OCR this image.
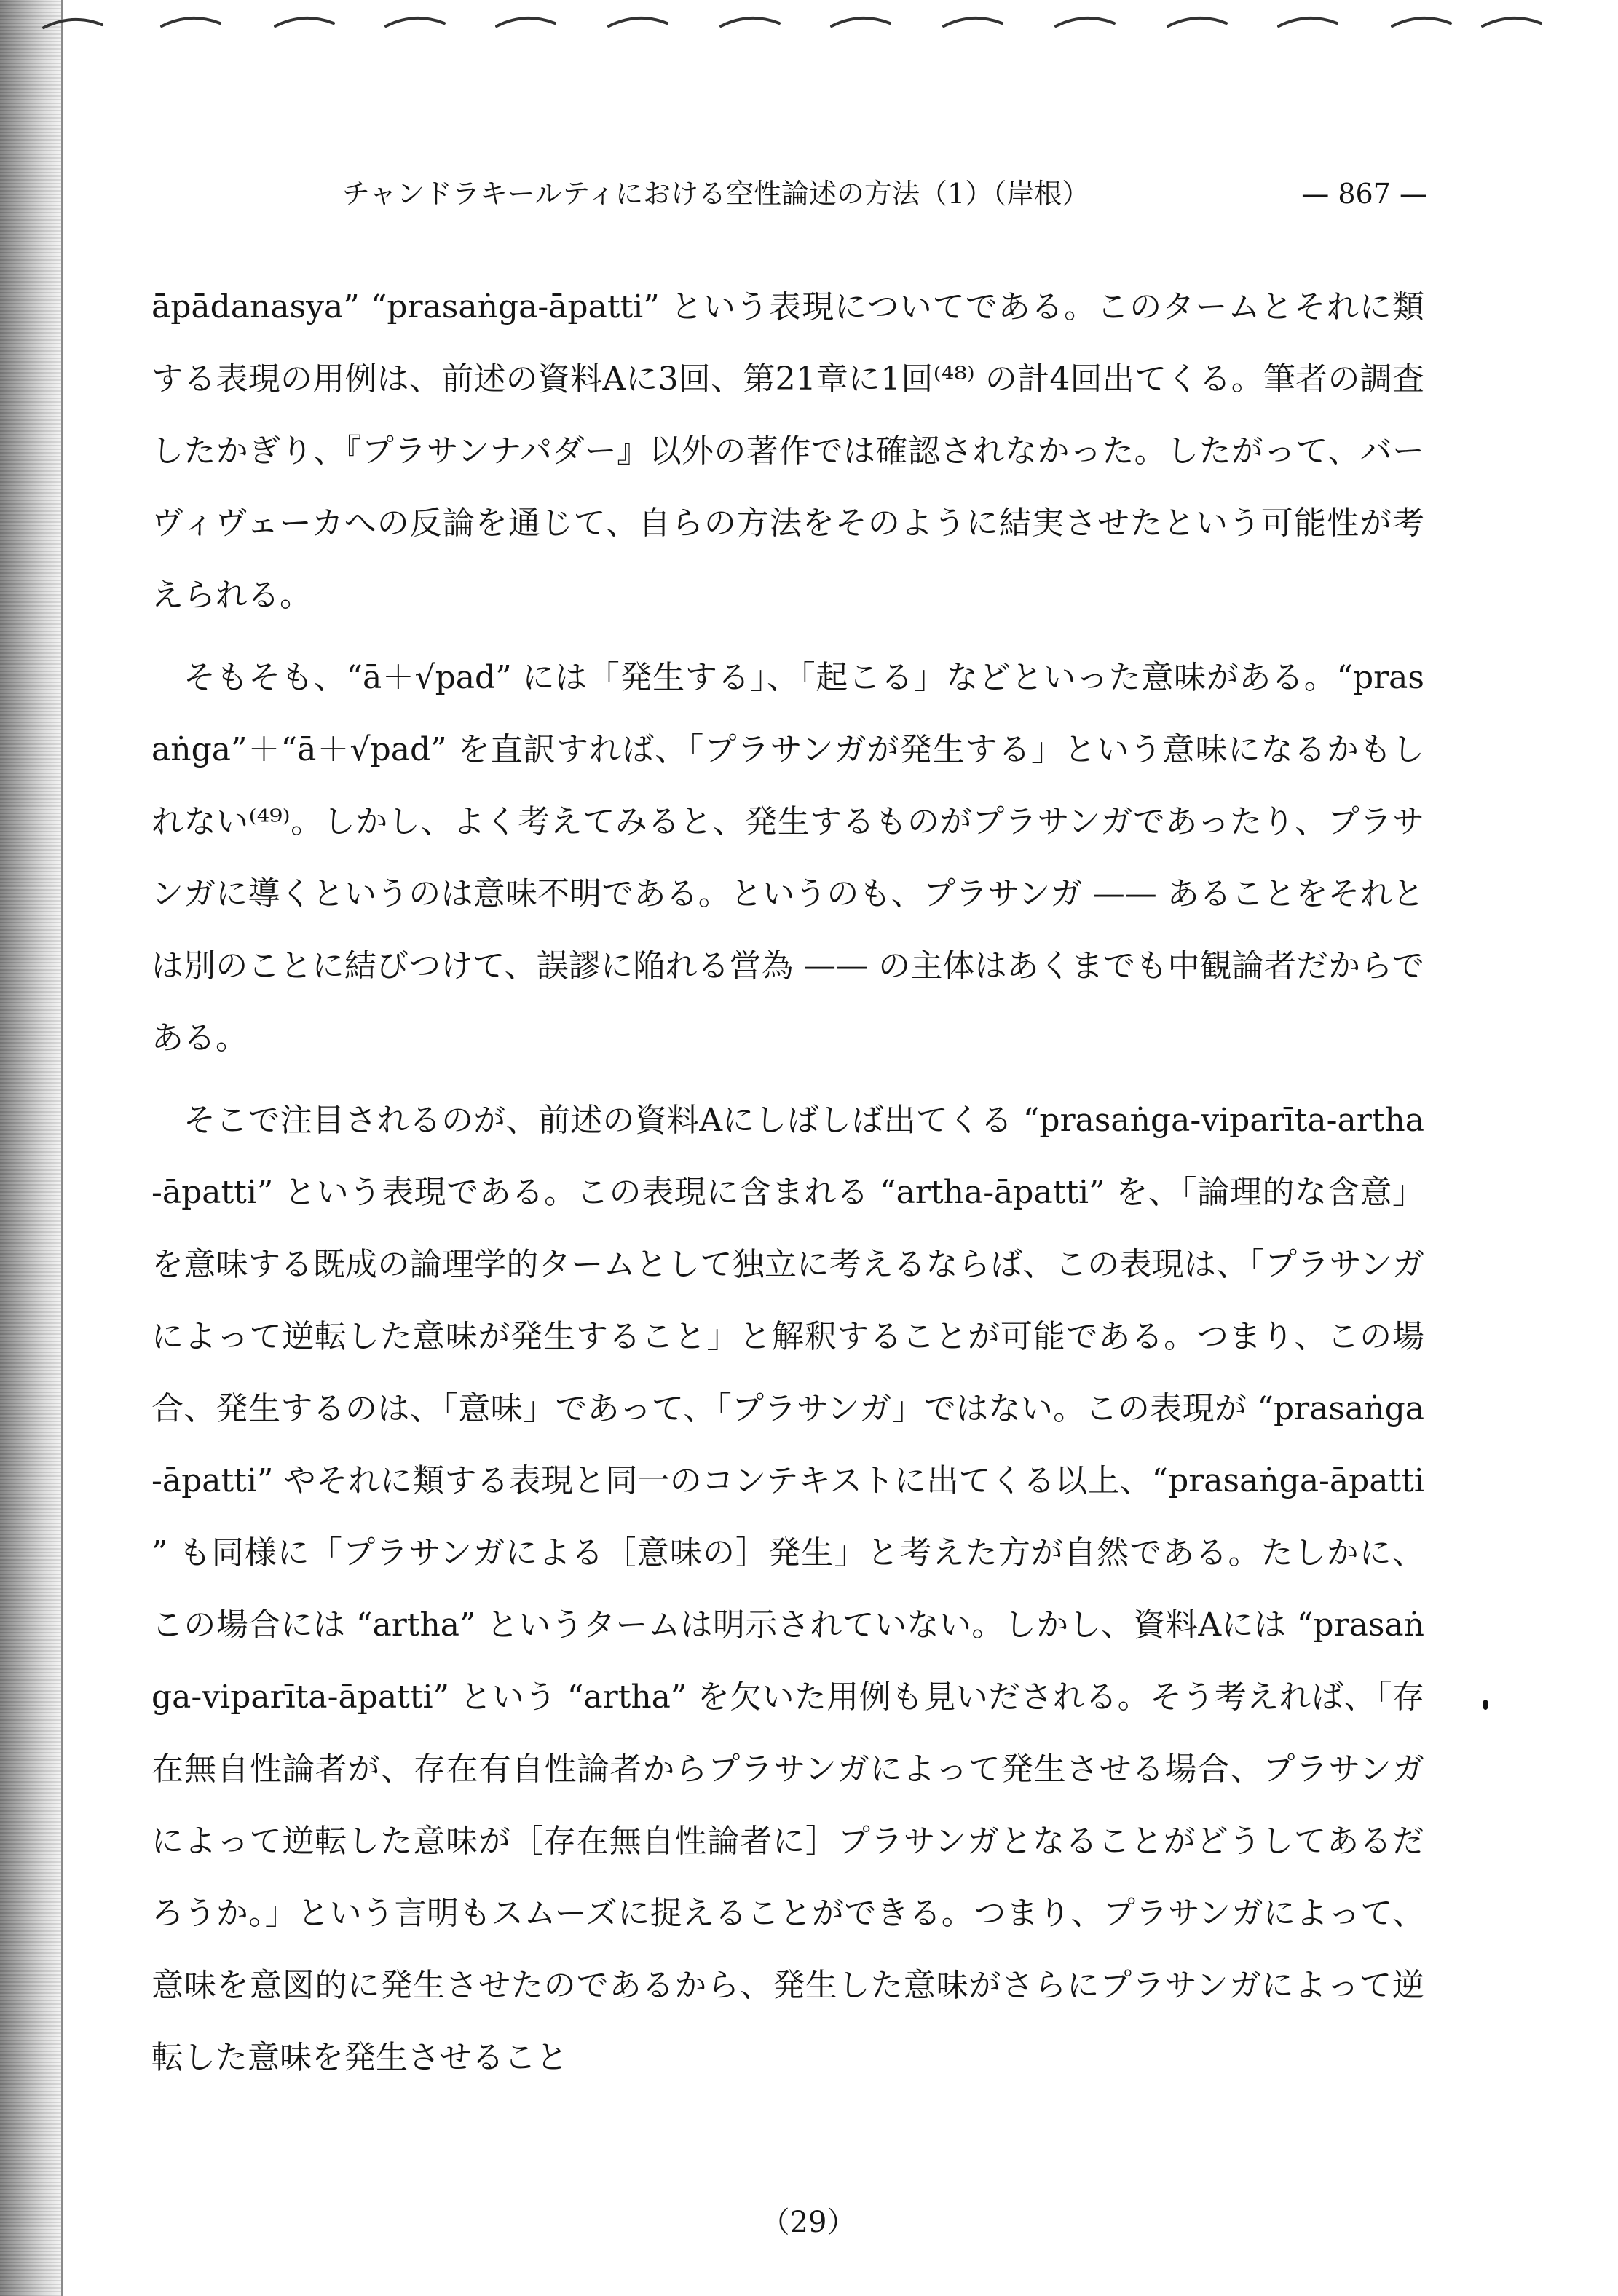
チャンドラキールティにおける空性論述の方法（1）（岸根）	— 867 —

āpādanasya” “prasaṅga-āpatti” という表現についてである。このタームとそれに類する表現の用例は、前述の資料Aに3回、第21章に1回⁽⁴⁸⁾ の計4回出てくる。筆者の調査したかぎり、『プラサンナパダー』以外の著作では確認されなかった。したがって、バーヴィヴェーカへの反論を通じて、自らの方法をそのように結実させたという可能性が考えられる。

そもそも、“ā＋√pad” には「発生する」、「起こる」などといった意味がある。“prasaṅga”＋“ā＋√pad” を直訳すれば、「プラサンガが発生する」という意味になるかもしれない⁽⁴⁹⁾。しかし、よく考えてみると、発生するものがプラサンガであったり、プラサンガに導くというのは意味不明である。というのも、プラサンガ —— あることをそれとは別のことに結びつけて、誤謬に陥れる営為 —— の主体はあくまでも中観論者だからである。

そこで注目されるのが、前述の資料Aにしばしば出てくる “prasaṅga-viparīta-artha-āpatti” という表現である。この表現に含まれる “artha-āpatti” を、「論理的な含意」を意味する既成の論理学的タームとして独立に考えるならば、この表現は、「プラサンガによって逆転した意味が発生すること」と解釈することが可能である。つまり、この場合、発生するのは、「意味」であって、「プラサンガ」ではない。この表現が “prasaṅga-āpatti” やそれに類する表現と同一のコンテキストに出てくる以上、“prasaṅga-āpatti” も同様に「プラサンガによる［意味の］発生」と考えた方が自然である。たしかに、この場合には “artha” というタームは明示されていない。しかし、資料Aには “prasaṅga-viparīta-āpatti” という “artha” を欠いた用例も見いだされる。そう考えれば、「存在無自性論者が、存在有自性論者からプラサンガによって発生させる場合、プラサンガによって逆転した意味が［存在無自性論者に］プラサンガとなることがどうしてあるだろうか。」という言明もスムーズに捉えることができる。つまり、プラサンガによって、意味を意図的に発生させたのであるから、発生した意味がさらにプラサンガによって逆転した意味を発生させること

（29）
